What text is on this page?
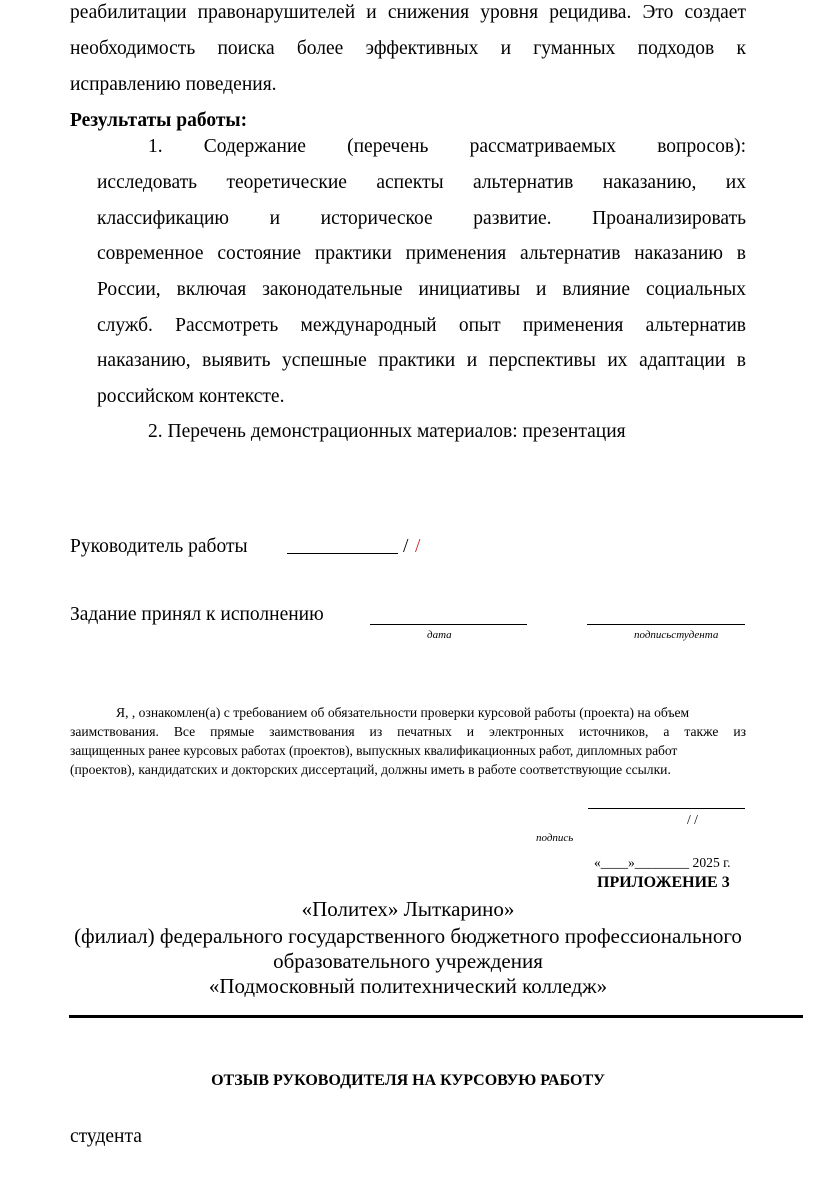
реабилитации правонарушителей и снижения уровня рецидива. Это создает
необходимость поиска более эффективных и гуманных подходов к
исправлению поведения.
Результаты работы:
1. Содержание (перечень рассматриваемых вопросов):
исследовать теоретические аспекты альтернатив наказанию, их
классификацию и историческое развитие. Проанализировать
современное состояние практики применения альтернатив наказанию в
России, включая законодательные инициативы и влияние социальных
служб. Рассмотреть международный опыт применения альтернатив
наказанию, выявить успешные практики и перспективы их адаптации в
российском контексте.
2. Перечень демонстрационных материалов: презентация
Руководитель работы	/ /
Задание принял к исполнению
дата	подписьстудента
Я, , ознакомлен(а) с требованием об обязательности проверки курсовой работы (проекта) на объем
заимствования. Все прямые заимствования из печатных и электронных источников, а также из
защищенных ранее курсовых работах (проектов), выпускных квалификационных работ, дипломных работ
(проектов), кандидатских и докторских диссертаций, должны иметь в работе соответствующие ссылки.
/ /
подпись
«____»________ 2025 г.
ПРИЛОЖЕНИЕ 3
«Политех» Лыткарино»
(филиал) федерального государственного бюджетного профессионального
образовательного учреждения
«Подмосковный политехнический колледж»
ОТЗЫВ РУКОВОДИТЕЛЯ НА КУРСОВУЮ РАБОТУ
студента
